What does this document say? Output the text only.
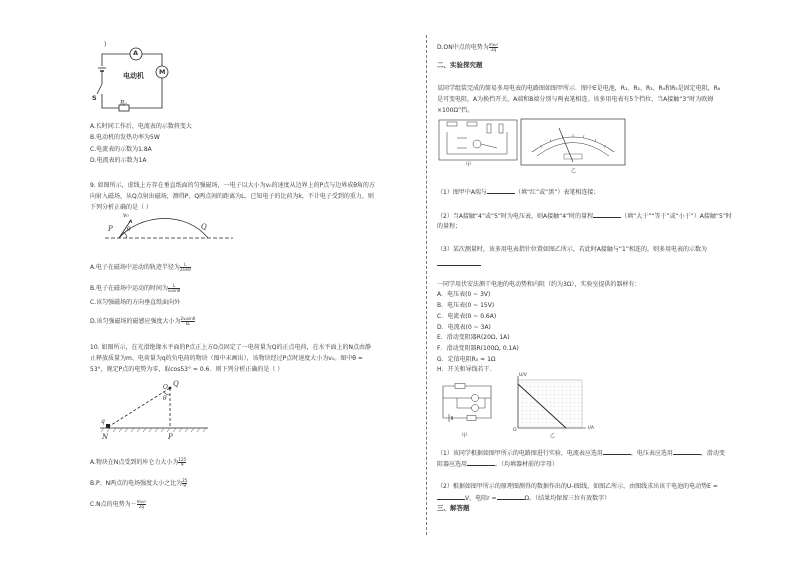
)
A
电动机 M
S
R₀
A.长时间工作后，电流表的示数将变大
B.电动机的发热功率为5W
C.电流表的示数为1.8A
D.电流表的示数为1A
9. 如图所示，虚线上方存在垂直纸面的匀强磁场，一电子以大小为v₀的速度从边界上的P点与边界成θ角的方
向射入磁场，从Q点射出磁场，测得P、Q两点间的距离为L。已知电子的比荷为k，不计电子受到的重力，则
下列分析正确的是（ ）
v₀
P θ	Q
A.电子在磁场中运动的轨迹半径为 $\frac{L}{2\sin\theta}$
B.电子在磁场中运动的时间为 $\frac{L}{\text{v₀sinθ}}$
C.该匀强磁场的方向垂直纸面向外
D.该匀强磁场的磁感应强度大小为 $\frac{\text{2v₀sinθ}}{kL}$
10. 如图所示，在光滑绝缘水平面的P点正上方O点固定了一电荷量为Q的正点电荷，在水平面上的N点由静
止释放质量为m、电荷量为q的负电荷的物块（图中未画出），该物块经过P点时速度大小为v₀。图中θ =
53°，规定P点的电势为零，取cos53° = 0.6．则下列分析正确的是（ ）
Q
O
θ
q
N	P
A.物块在N点受到的库仑力大小为 $\frac{125}{9}$
B.P、N两点的电场强度大小之比为 $\frac{25}{9}$
C.N点的电势为－ $\frac{\text{mv₀²}}{2q}$
D.ON中点的电势为 $\frac{\text{mv₀²}}{2q}$
二、实验探究题
某同学组装完成的简易多用电表的电路图如图甲所示．图中E是电池，R₁、R₂、R₃、R₄和R₅是固定电阻，R₆
是可变电阻，A为换挡开关，A端和B端分别与两表笔相连。该多用电表有5个挡位，当A接触“3”时为欧姆
×100Ω”挡。
甲
乙
（1）图甲中A端与	（填“红”或“黑”）表笔相连接；
（2）当A接触“4”或“5”时为电压表，则A接触“4”时的量程	（填“大于”“等于”或“小于”）A接触“5”时
的量程；
（3）某次测量时，该多用电表指针位置如图乙所示，若此时A接触与“1”相连的，则多用电表的示数为
一同学用伏安法测干电池的电动势和内阻（约为3Ω），实验室提供的器材有：
A．电压表(0 ~ 3V)
B．电压表(0 ~ 15V)
C．电流表(0 ~ 0.6A)
D．电流表(0 ~ 3A)
E．滑动变阻器R(20Ω, 1A)
F．滑动变阻器R(100Ω, 0.1A)
G．定值电阻R₀ = 1Ω
H．开关和导线若干.
甲
U/V
I/A
O
乙
（1）该同学根据如图甲所示的电路图进行实验，电流表应选用	，电压表应选用	，滑动变
阻器应选用	。（均填器材前的字母）
（2）根据如图甲所示的原理图测得的数据作出的U-I图线，如图乙所示，由图线求出该干电池的电动势E =
V，电阻r =	Ω。（结果均保留三位有效数字）
三、解答题
